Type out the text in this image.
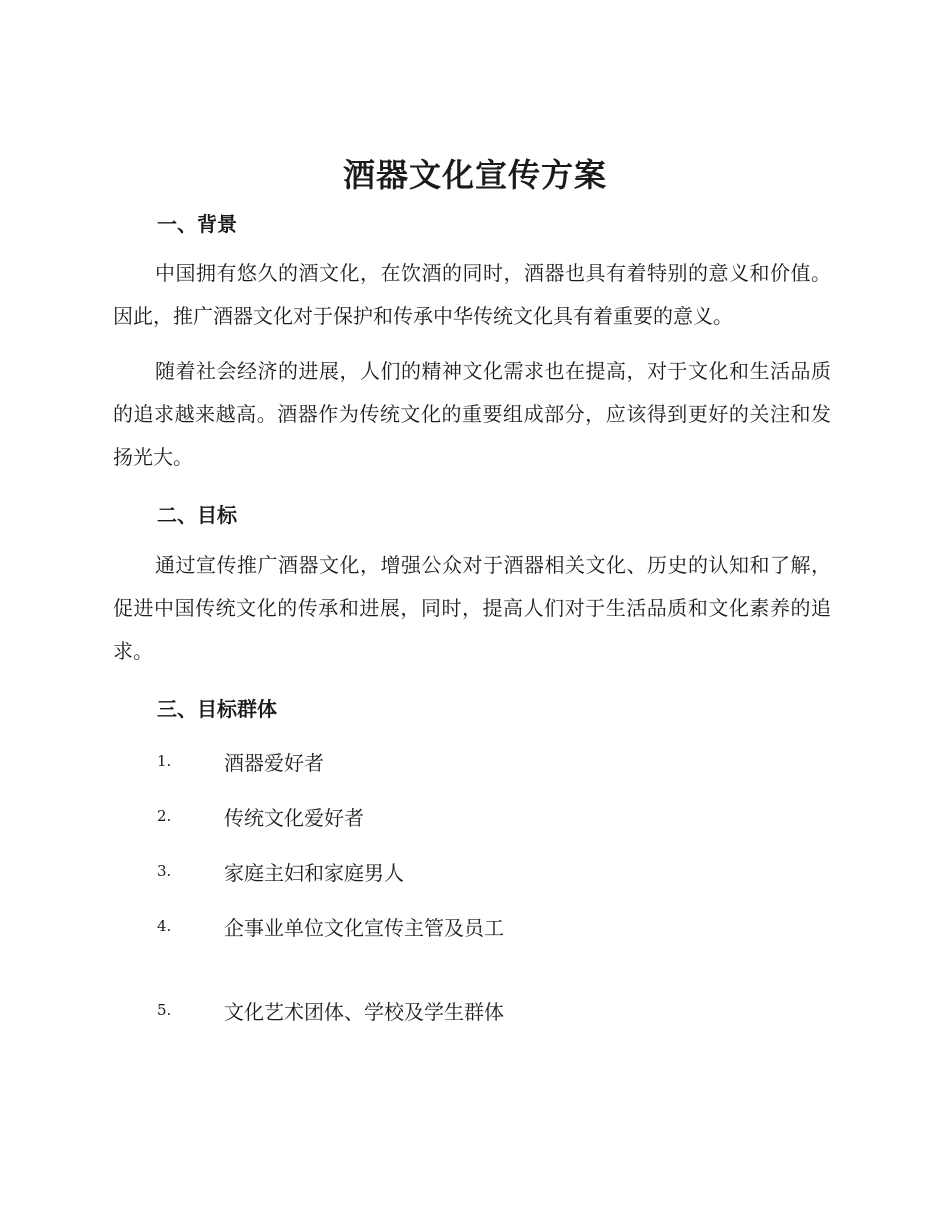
酒器文化宣传方案
一、背景

中国拥有悠久的酒文化，在饮酒的同时，酒器也具有着特别的意义和价值。因此，推广酒器文化对于保护和传承中华传统文化具有着重要的意义。

随着社会经济的进展，人们的精神文化需求也在提高，对于文化和生活品质的追求越来越高。酒器作为传统文化的重要组成部分，应该得到更好的关注和发扬光大。

二、目标

通过宣传推广酒器文化，增强公众对于酒器相关文化、历史的认知和了解，促进中国传统文化的传承和进展，同时，提高人们对于生活品质和文化素养的追求。

三、目标群体
1.	酒器爱好者
2.	传统文化爱好者
3.	家庭主妇和家庭男人
4.	企事业单位文化宣传主管及员工
5.	文化艺术团体、学校及学生群体
